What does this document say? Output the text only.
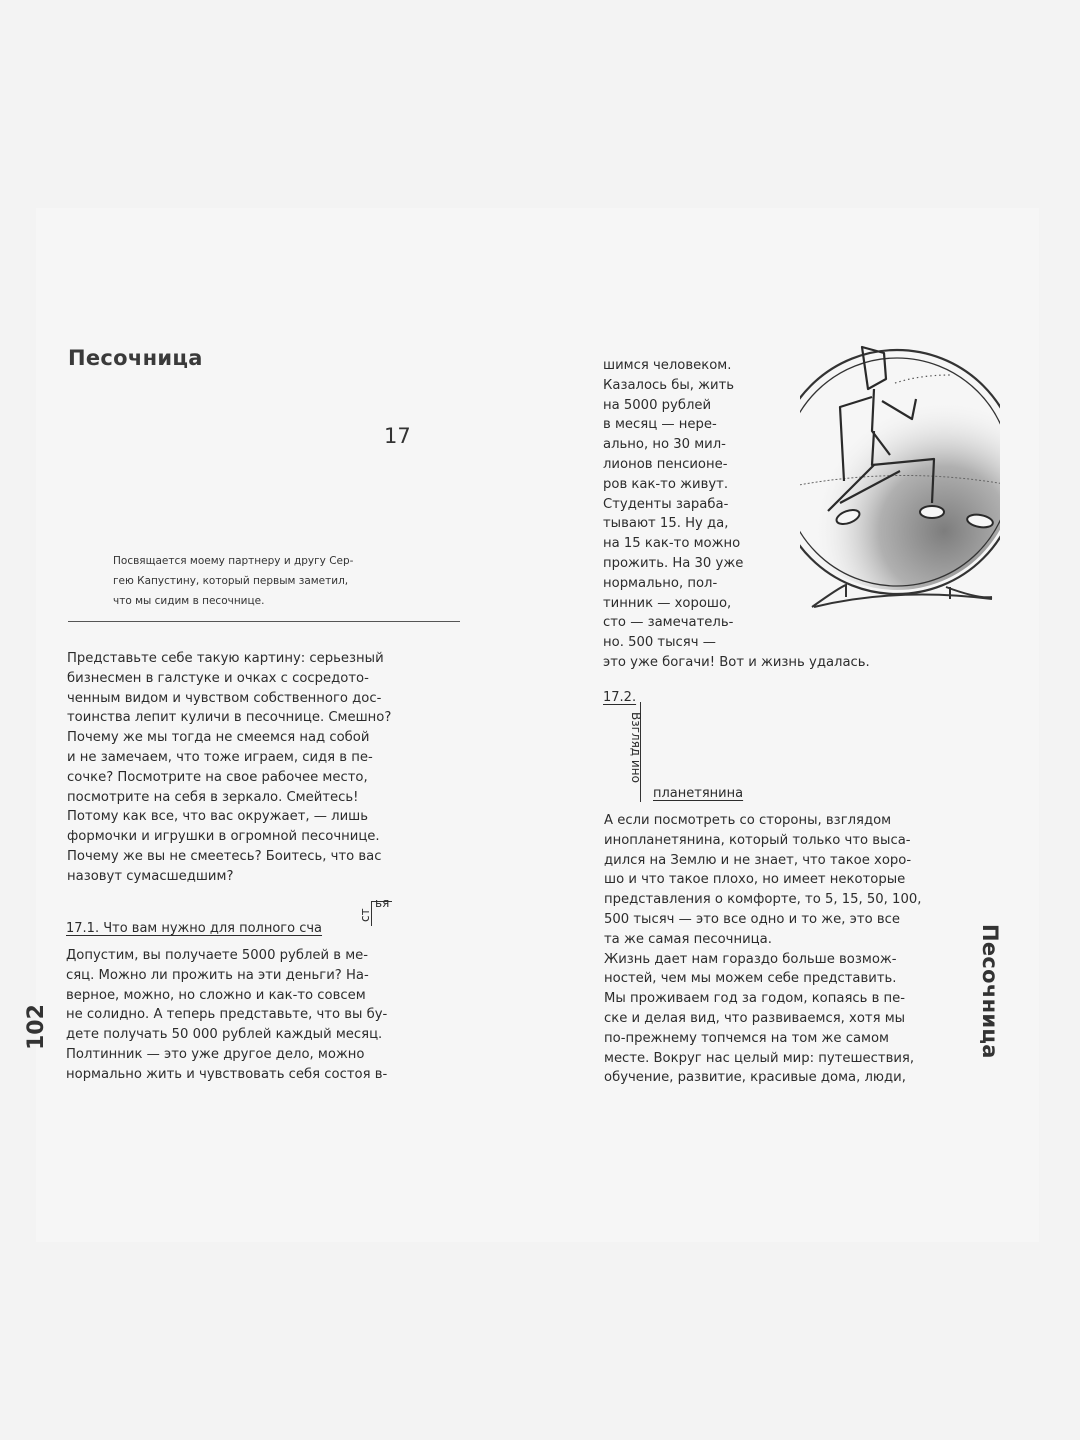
Песочница
17
Посвящается моему партнеру и другу Сер-
гею Капустину, который первым заметил,
что мы сидим в песочнице.
Представьте себе такую картину: серьезный
бизнесмен в галстуке и очках с сосредото-
ченным видом и чувством собственного дос-
тоинства лепит куличи в песочнице. Смешно?
Почему же мы тогда не смеемся над собой
и не замечаем, что тоже играем, сидя в пе-
сочке? Посмотрите на свое рабочее место,
посмотрите на себя в зеркало. Смейтесь!
Потому как все, что вас окружает, — лишь
формочки и игрушки в огромной песочнице.
Почему же вы не смеетесь? Боитесь, что вас
назовут сумасшедшим?
17.1. Что вам нужно для полного сча
ст
ья
Допустим, вы получаете 5000 рублей в ме-
сяц. Можно ли прожить на эти деньги? На-
верное, можно, но сложно и как-то совсем
не солидно. А теперь представьте, что вы бу-
дете получать 50 000 рублей каждый месяц.
Полтинник — это уже другое дело, можно
нормально жить и чувствовать себя состоя в-
102
шимся человеком.
Казалось бы, жить
на 5000 рублей
в месяц — нере-
ально, но 30 мил-
лионов пенсионе-
ров как-то живут.
Студенты зараба-
тывают 15. Ну да,
на 15 как-то можно
прожить. На 30 уже
нормально, пол-
тинник — хорошо,
сто — замечатель-
но. 500 тысяч —
это уже богачи! Вот и жизнь удалась.
17.2.
Взгляд ино
планетянина
А если посмотреть со стороны, взглядом
инопланетянина, который только что выса-
дился на Землю и не знает, что такое хоро-
шо и что такое плохо, но имеет некоторые
представления о комфорте, то 5, 15, 50, 100,
500 тысяч — это все одно и то же, это все
та же самая песочница.
Жизнь дает нам гораздо больше возмож-
ностей, чем мы можем себе представить.
Мы проживаем год за годом, копаясь в пе-
ске и делая вид, что развиваемся, хотя мы
по-прежнему топчемся на том же самом
месте. Вокруг нас целый мир: путешествия,
обучение, развитие, красивые дома, люди,
Песочница
